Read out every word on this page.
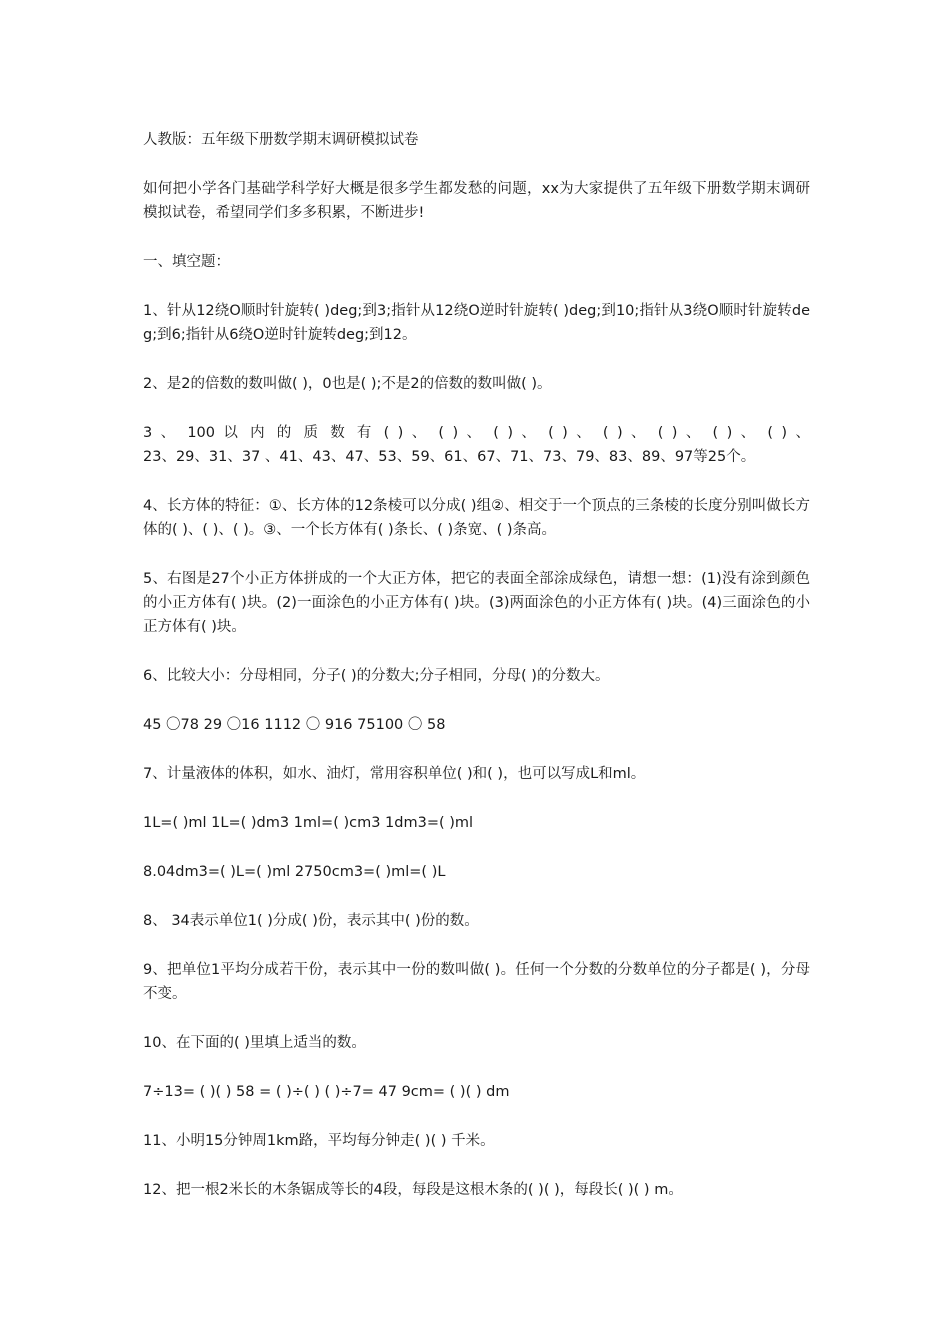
人教版：五年级下册数学期末调研模拟试卷

如何把小学各门基础学科学好大概是很多学生都发愁的问题，xx为大家提供了五年级下册数学期末调研模拟试卷，希望同学们多多积累，不断进步!

一、填空题：

1、针从12绕O顺时针旋转( )deg;到3;指针从12绕O逆时针旋转( )deg;到10;指针从3绕O顺时针旋转deg;到6;指针从6绕O逆时针旋转deg;到12。

2、是2的倍数的数叫做( )，0也是( );不是2的倍数的数叫做( )。

3 、 100 以 内 的 质 数 有 ( ) 、 ( ) 、 ( ) 、 ( ) 、 ( ) 、 ( ) 、 ( ) 、 ( ) 、
23、29、31、37 、41、43、47、53、59、61、67、71、73、79、83、89、97等25个。

4、长方体的特征：①、长方体的12条棱可以分成( )组②、相交于一个顶点的三条棱的长度分别叫做长方体的( )、( )、( )。③、一个长方体有( )条长、( )条宽、( )条高。

5、右图是27个小正方体拼成的一个大正方体，把它的表面全部涂成绿色，请想一想：(1)没有涂到颜色的小正方体有( )块。(2)一面涂色的小正方体有( )块。(3)两面涂色的小正方体有( )块。(4)三面涂色的小正方体有( )块。

6、比较大小：分母相同，分子( )的分数大;分子相同，分母( )的分数大。

45 〇78 29 〇16 1112 〇 916 75100 〇 58

7、计量液体的体积，如水、油灯，常用容积单位( )和( )，也可以写成L和ml。

1L=( )ml 1L=( )dm3 1ml=( )cm3 1dm3=( )ml

8.04dm3=( )L=( )ml 2750cm3=( )ml=( )L

8、 34表示单位1( )分成( )份，表示其中( )份的数。

9、把单位1平均分成若干份，表示其中一份的数叫做( )。任何一个分数的分数单位的分子都是( )，分母不变。

10、在下面的( )里填上适当的数。

7÷13= ( )( ) 58 = ( )÷( ) ( )÷7= 47 9cm= ( )( ) dm

11、小明15分钟周1km路，平均每分钟走( )( ) 千米。

12、把一根2米长的木条锯成等长的4段，每段是这根木条的( )( )，每段长( )( ) m。
